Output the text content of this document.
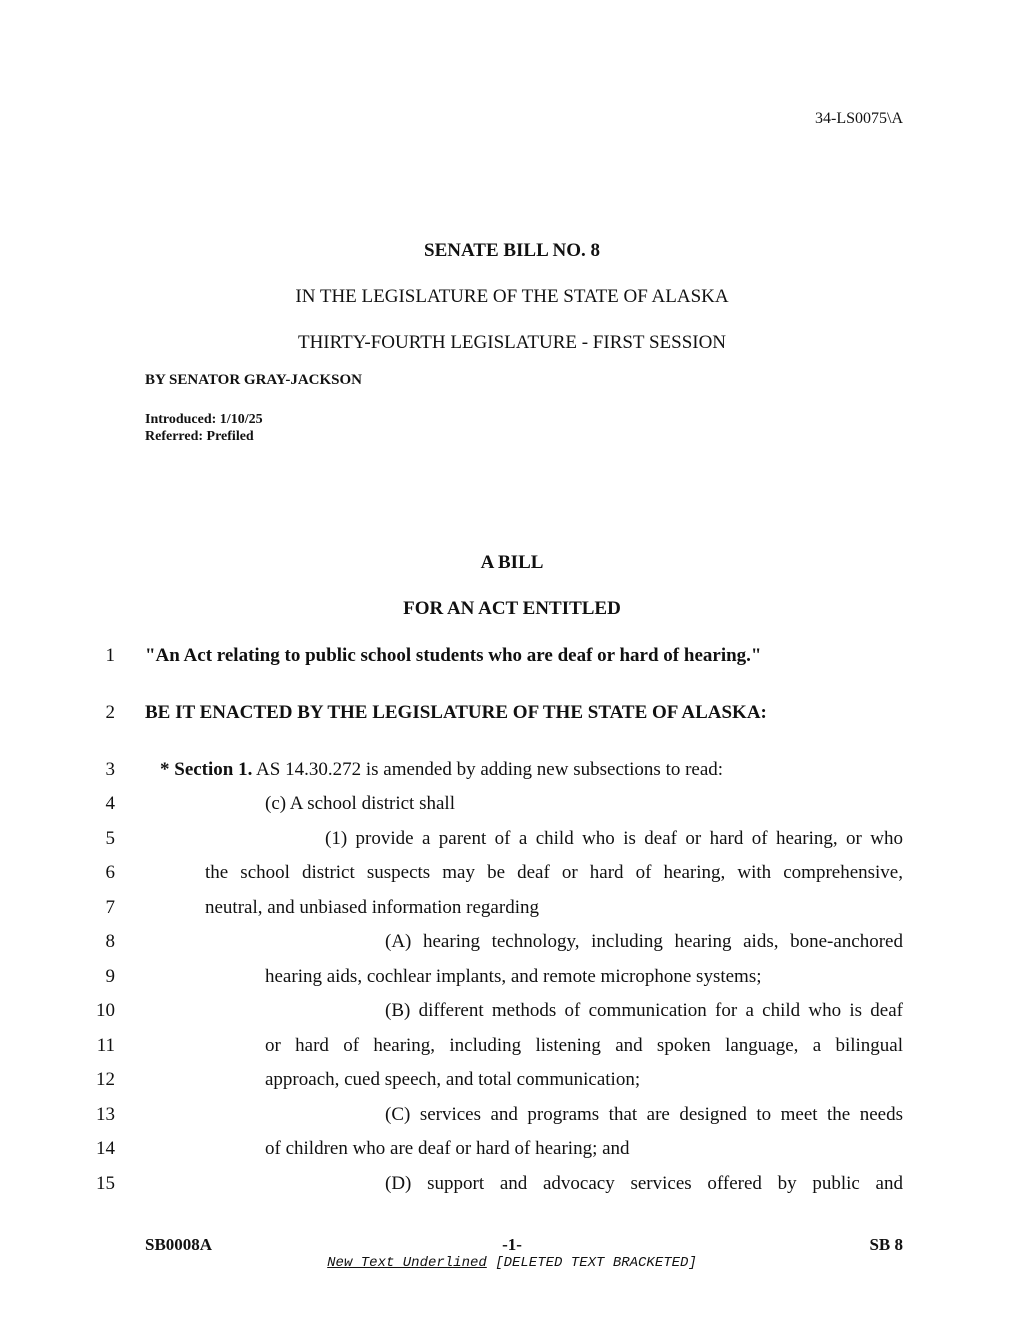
34-LS0075\A
SENATE BILL NO. 8
IN THE LEGISLATURE OF THE STATE OF ALASKA
THIRTY-FOURTH LEGISLATURE - FIRST SESSION
BY SENATOR GRAY-JACKSON
Introduced: 1/10/25
Referred: Prefiled
A BILL
FOR AN ACT ENTITLED
1 "An Act relating to public school students who are deaf or hard of hearing."
2 BE IT ENACTED BY THE LEGISLATURE OF THE STATE OF ALASKA:
3 * Section 1. AS 14.30.272 is amended by adding new subsections to read:
4	(c) A school district shall
5	(1) provide a parent of a child who is deaf or hard of hearing, or who
6	the school district suspects may be deaf or hard of hearing, with comprehensive,
7	neutral, and unbiased information regarding
8	(A) hearing technology, including hearing aids, bone-anchored
9	hearing aids, cochlear implants, and remote microphone systems;
10	(B) different methods of communication for a child who is deaf
11	or hard of hearing, including listening and spoken language, a bilingual
12	approach, cued speech, and total communication;
13	(C) services and programs that are designed to meet the needs
14	of children who are deaf or hard of hearing; and
15	(D) support and advocacy services offered by public and
SB0008A	-1-	SB 8
New Text Underlined [DELETED TEXT BRACKETED]
